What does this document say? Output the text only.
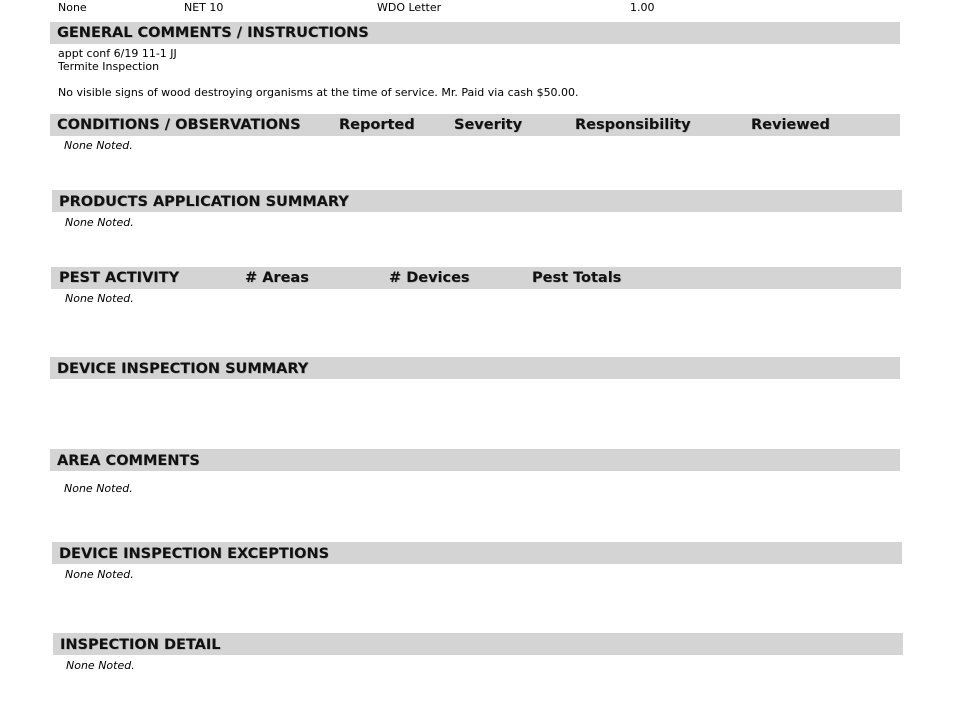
None	NET 10	WDO Letter	1.00
GENERAL COMMENTS / INSTRUCTIONS
appt conf 6/19 11-1 JJ
Termite Inspection
No visible signs of wood destroying organisms at the time of service. Mr. Paid via cash $50.00.
CONDITIONS / OBSERVATIONS	Reported	Severity	Responsibility	Reviewed
None Noted.
PRODUCTS APPLICATION SUMMARY
None Noted.
PEST ACTIVITY	# Areas	# Devices	Pest Totals
None Noted.
DEVICE INSPECTION SUMMARY
AREA COMMENTS
None Noted.
DEVICE INSPECTION EXCEPTIONS
None Noted.
INSPECTION DETAIL
None Noted.
